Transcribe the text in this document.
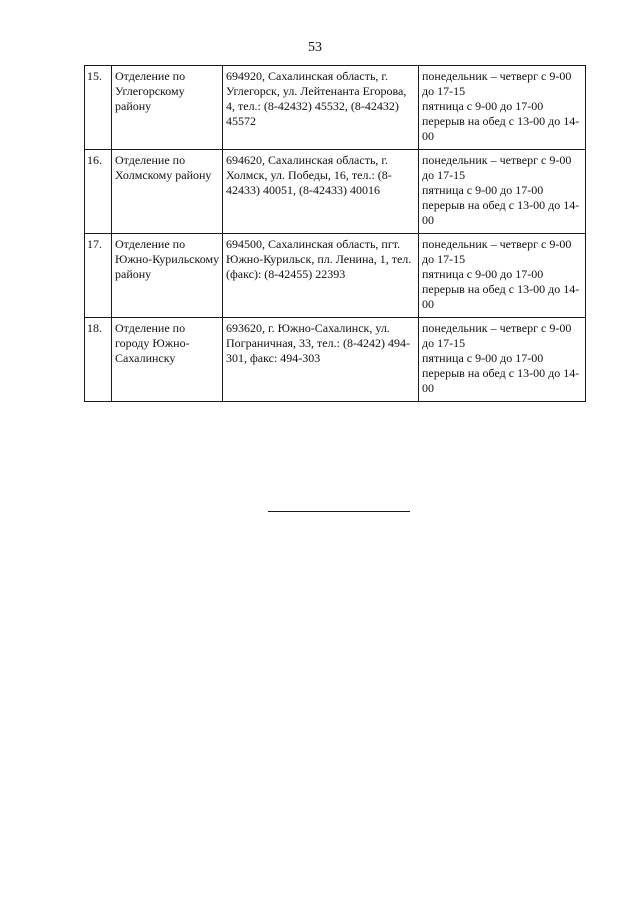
53
15.	Отделение по Углегорскому району	694920, Сахалинская область, г. Углегорск, ул. Лейтенанта Егорова, 4, тел.: (8-42432) 45532, (8-42432) 45572	понедельник – четверг с 9-00 до 17-15
пятница с 9-00 до 17-00
перерыв на обед с 13-00 до 14-00

16.	Отделение по Холмскому району	694620, Сахалинская область, г. Холмск, ул. Победы, 16, тел.: (8-42433) 40051, (8-42433) 40016	понедельник – четверг с 9-00 до 17-15
пятница с 9-00 до 17-00
перерыв на обед с 13-00 до 14-00

17.	Отделение по Южно-Курильскому району	694500, Сахалинская область, пгт. Южно-Курильск, пл. Ленина, 1, тел. (факс): (8-42455) 22393	понедельник – четверг с 9-00 до 17-15
пятница с 9-00 до 17-00
перерыв на обед с 13-00 до 14-00

18.	Отделение по городу Южно-Сахалинску	693620, г. Южно-Сахалинск, ул. Пограничная, 33, тел.: (8-4242) 494-301, факс: 494-303	понедельник – четверг с 9-00 до 17-15
пятница с 9-00 до 17-00
перерыв на обед с 13-00 до 14-00
